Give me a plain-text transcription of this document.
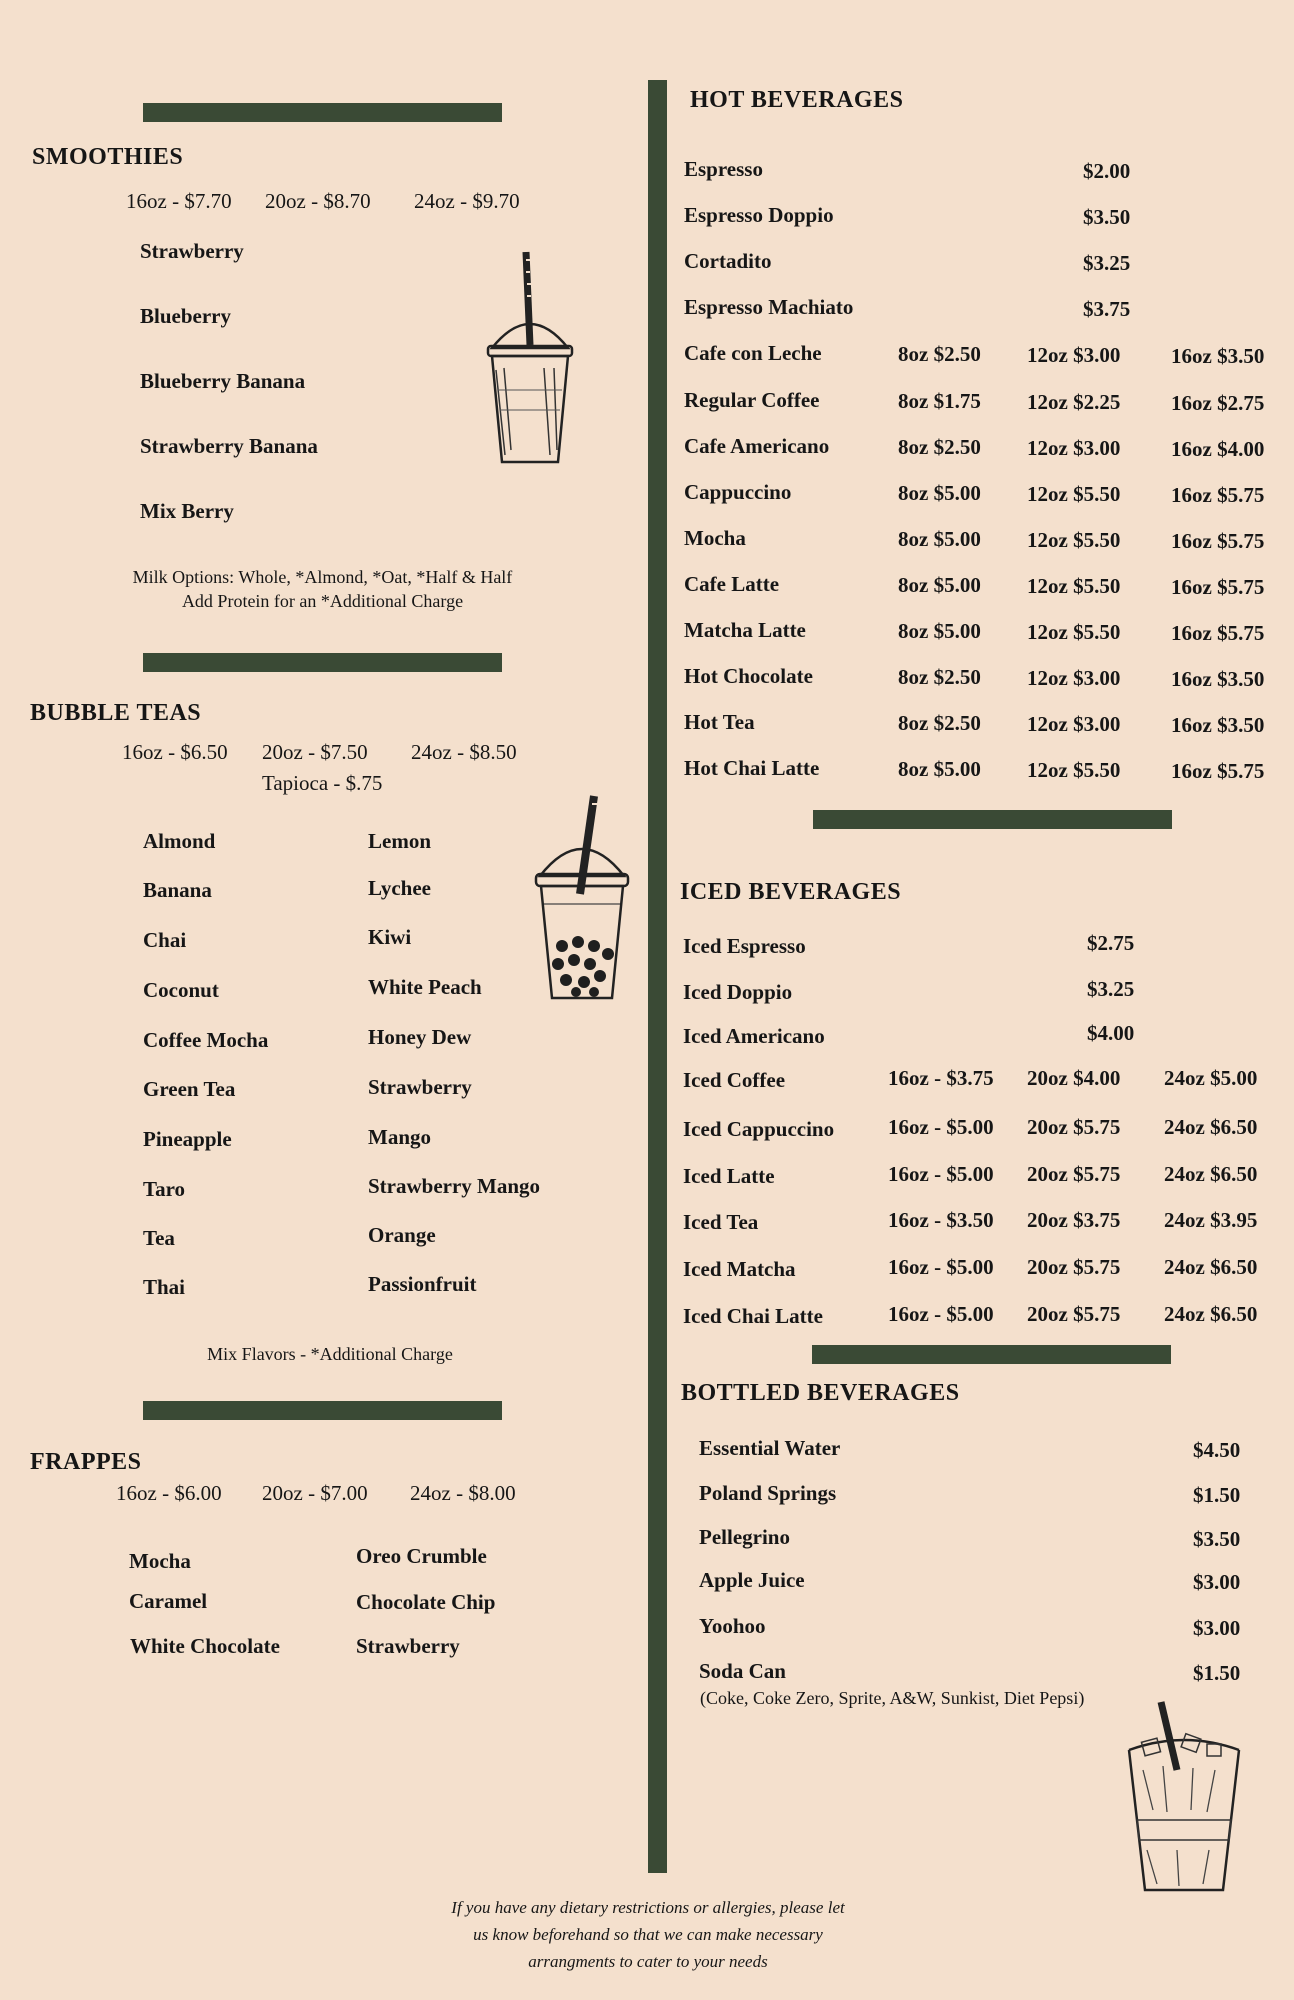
SMOOTHIES
16oz - $7.70 20oz - $8.70 24oz - $9.70
Strawberry
Blueberry
Blueberry Banana
Strawberry Banana
Mix Berry
Milk Options: Whole, *Almond, *Oat, *Half & Half
Add Protein for an *Additional Charge
BUBBLE TEAS
16oz - $6.50 20oz - $7.50 24oz - $8.50
Tapioca - $.75
Almond
Banana
Chai
Coconut
Coffee Mocha
Green Tea
Pineapple
Taro
Tea
Thai
Lemon
Lychee
Kiwi
White Peach
Honey Dew
Strawberry
Mango
Strawberry Mango
Orange
Passionfruit
Mix Flavors - *Additional Charge
FRAPPES
16oz - $6.00 20oz - $7.00 24oz - $8.00
Mocha
Caramel
White Chocolate
Oreo Crumble
Chocolate Chip
Strawberry
HOT BEVERAGES
Espresso	$2.00
Espresso Doppio	$3.50
Cortadito	$3.25
Espresso Machiato	$3.75
Cafe con Leche	8oz $2.50 12oz $3.00 16oz $3.50
Regular Coffee	8oz $1.75 12oz $2.25 16oz $2.75
Cafe Americano	8oz $2.50 12oz $3.00 16oz $4.00
Cappuccino	8oz $5.00 12oz $5.50 16oz $5.75
Mocha	8oz $5.00 12oz $5.50 16oz $5.75
Cafe Latte	8oz $5.00 12oz $5.50 16oz $5.75
Matcha Latte	8oz $5.00 12oz $5.50 16oz $5.75
Hot Chocolate	8oz $2.50 12oz $3.00 16oz $3.50
Hot Tea	8oz $2.50 12oz $3.00 16oz $3.50
Hot Chai Latte	8oz $5.00 12oz $5.50 16oz $5.75
ICED BEVERAGES
Iced Espresso	$2.75
Iced Doppio	$3.25
Iced Americano	$4.00
Iced Coffee	16oz - $3.75 20oz $4.00 24oz $5.00
Iced Cappuccino	16oz - $5.00 20oz $5.75 24oz $6.50
Iced Latte	16oz - $5.00 20oz $5.75 24oz $6.50
Iced Tea	16oz - $3.50 20oz $3.75 24oz $3.95
Iced Matcha	16oz - $5.00 20oz $5.75 24oz $6.50
Iced Chai Latte	16oz - $5.00 20oz $5.75 24oz $6.50
BOTTLED BEVERAGES
Essential Water	$4.50
Poland Springs	$1.50
Pellegrino	$3.50
Apple Juice	$3.00
Yoohoo	$3.00
Soda Can	$1.50
(Coke, Coke Zero, Sprite, A&W, Sunkist, Diet Pepsi)
If you have any dietary restrictions or allergies, please let
us know beforehand so that we can make necessary
arrangments to cater to your needs
